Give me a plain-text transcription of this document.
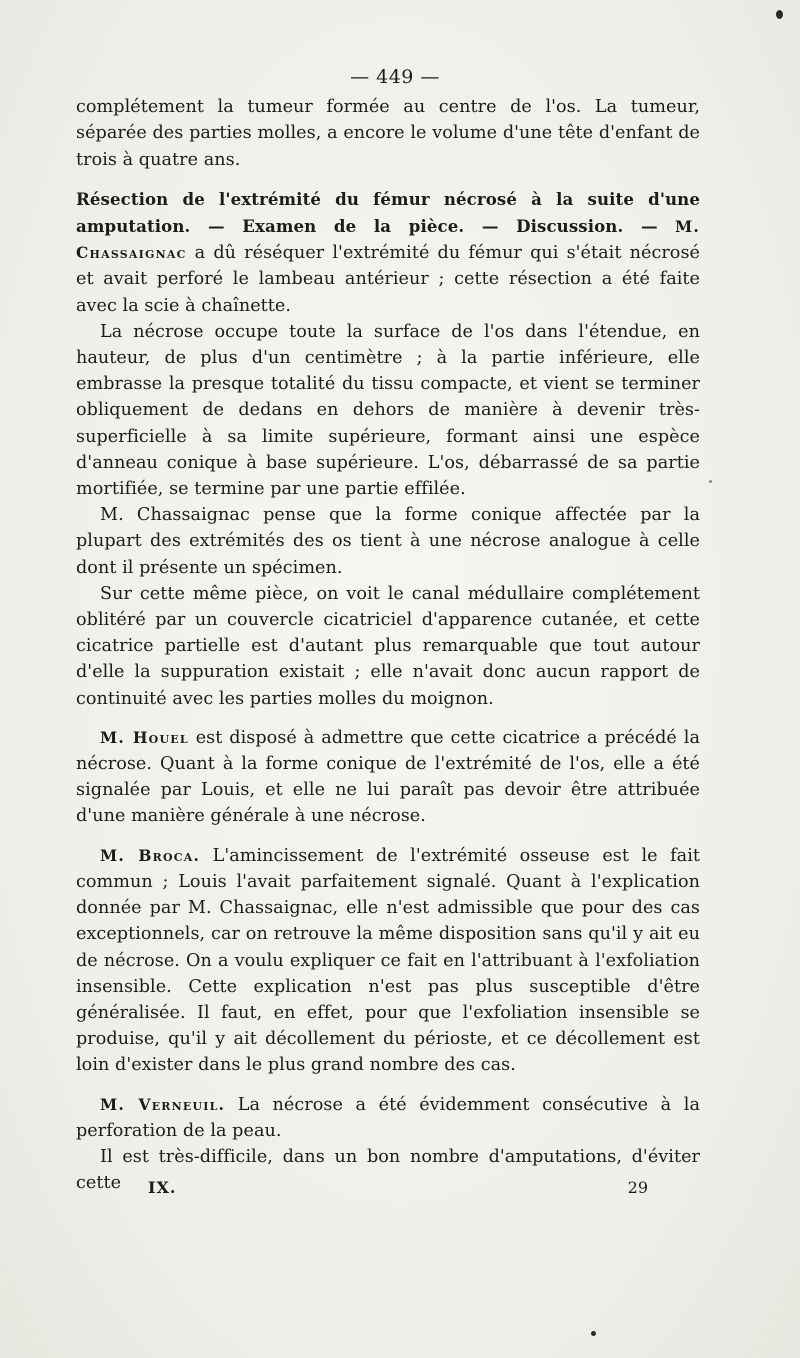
— 449 —

complétement la tumeur formée au centre de l'os. La tumeur, séparée des parties molles, a encore le volume d'une tête d'enfant de trois à quatre ans.

Résection de l'extrémité du fémur nécrosé à la suite d'une amputation. — Examen de la pièce. — Discussion. — M. Chassaignac a dû réséquer l'extrémité du fémur qui s'était nécrosé et avait perforé le lambeau antérieur ; cette résection a été faite avec la scie à chaînette.

La nécrose occupe toute la surface de l'os dans l'étendue, en hauteur, de plus d'un centimètre ; à la partie inférieure, elle embrasse la presque totalité du tissu compacte, et vient se terminer obliquement de dedans en dehors de manière à devenir très-superficielle à sa limite supérieure, formant ainsi une espèce d'anneau conique à base supérieure. L'os, débarrassé de sa partie mortifiée, se termine par une partie effilée.

M. Chassaignac pense que la forme conique affectée par la plupart des extrémités des os tient à une nécrose analogue à celle dont il présente un spécimen.

Sur cette même pièce, on voit le canal médullaire complétement oblitéré par un couvercle cicatriciel d'apparence cutanée, et cette cicatrice partielle est d'autant plus remarquable que tout autour d'elle la suppuration existait ; elle n'avait donc aucun rapport de continuité avec les parties molles du moignon.

M. Houel est disposé à admettre que cette cicatrice a précédé la nécrose. Quant à la forme conique de l'extrémité de l'os, elle a été signalée par Louis, et elle ne lui paraît pas devoir être attribuée d'une manière générale à une nécrose.

M. Broca. L'amincissement de l'extrémité osseuse est le fait commun ; Louis l'avait parfaitement signalé. Quant à l'explication donnée par M. Chassaignac, elle n'est admissible que pour des cas exceptionnels, car on retrouve la même disposition sans qu'il y ait eu de nécrose. On a voulu expliquer ce fait en l'attribuant à l'exfoliation insensible. Cette explication n'est pas plus susceptible d'être généralisée. Il faut, en effet, pour que l'exfoliation insensible se produise, qu'il y ait décollement du périoste, et ce décollement est loin d'exister dans le plus grand nombre des cas.

M. Verneuil. La nécrose a été évidemment consécutive à la perforation de la peau.

Il est très-difficile, dans un bon nombre d'amputations, d'éviter cette	IX.	29
